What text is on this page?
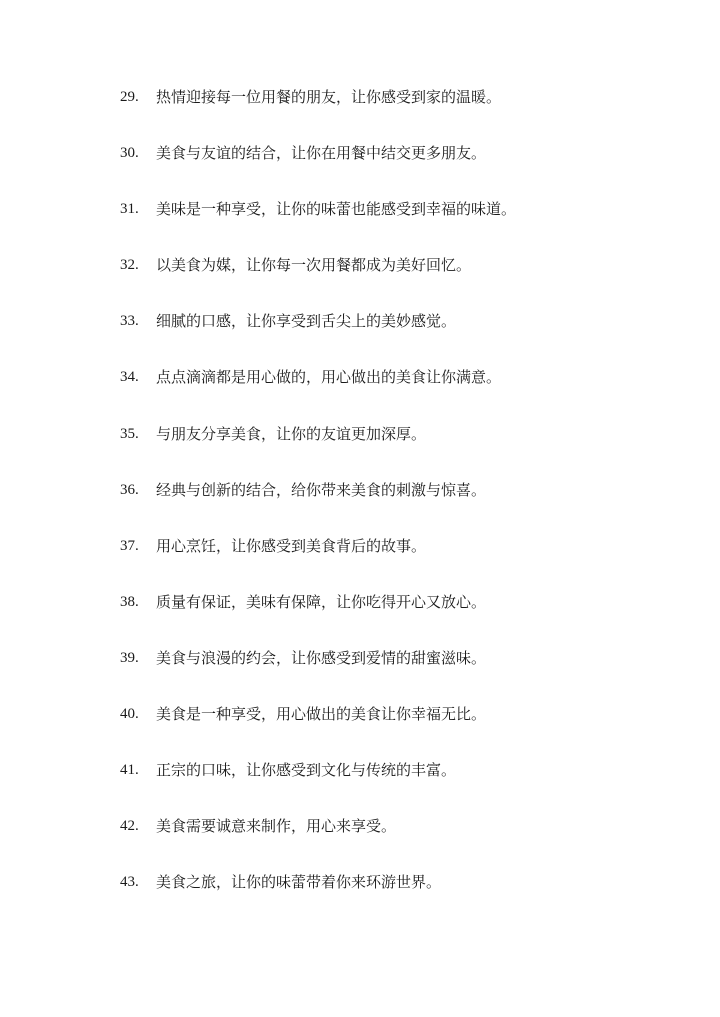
29.	热情迎接每一位用餐的朋友，让你感受到家的温暖。
30.	美食与友谊的结合，让你在用餐中结交更多朋友。
31.	美味是一种享受，让你的味蕾也能感受到幸福的味道。
32.	以美食为媒，让你每一次用餐都成为美好回忆。
33.	细腻的口感，让你享受到舌尖上的美妙感觉。
34.	点点滴滴都是用心做的，用心做出的美食让你满意。
35.	与朋友分享美食，让你的友谊更加深厚。
36.	经典与创新的结合，给你带来美食的刺激与惊喜。
37.	用心烹饪，让你感受到美食背后的故事。
38.	质量有保证，美味有保障，让你吃得开心又放心。
39.	美食与浪漫的约会，让你感受到爱情的甜蜜滋味。
40.	美食是一种享受，用心做出的美食让你幸福无比。
41.	正宗的口味，让你感受到文化与传统的丰富。
42.	美食需要诚意来制作，用心来享受。
43.	美食之旅，让你的味蕾带着你来环游世界。
